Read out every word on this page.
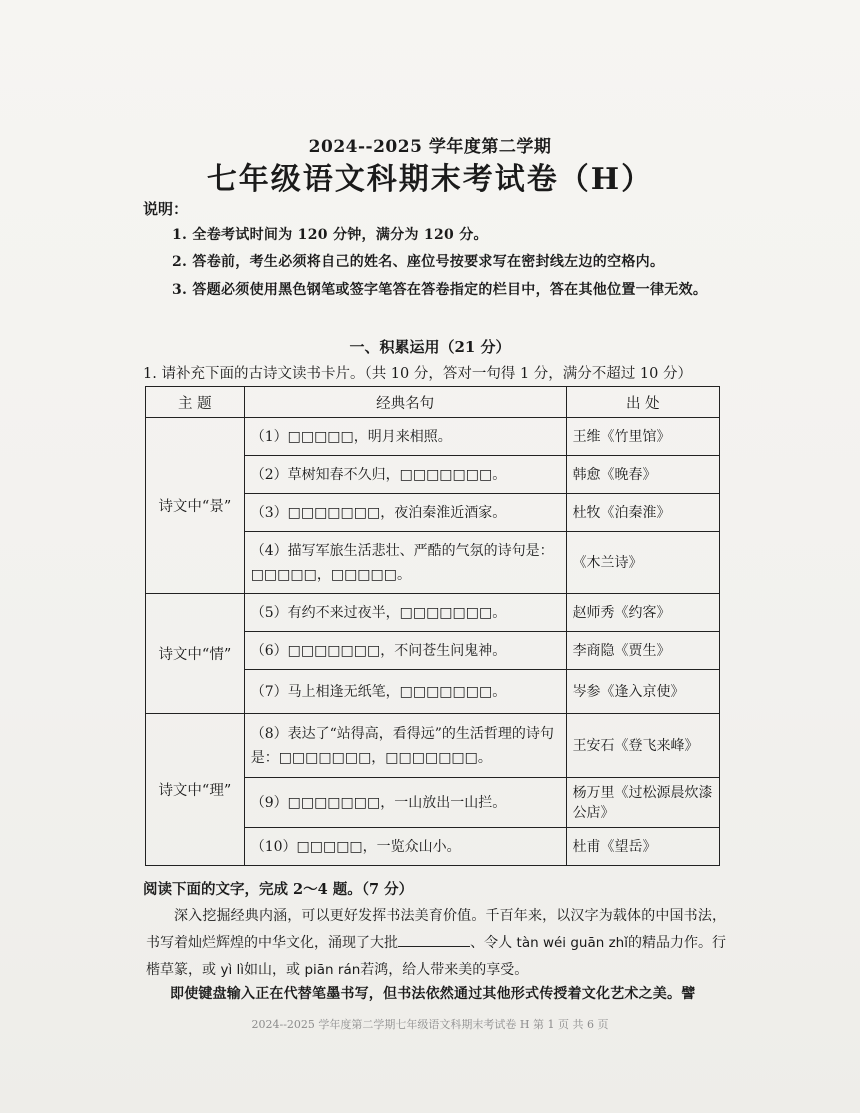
2024--2025 学年度第二学期
七年级语文科期末考试卷（H）
说明：
1. 全卷考试时间为 120 分钟，满分为 120 分。
2. 答卷前，考生必须将自己的姓名、座位号按要求写在密封线左边的空格内。
3. 答题必须使用黑色钢笔或签字笔答在答卷指定的栏目中，答在其他位置一律无效。
一、积累运用（21 分）
1. 请补充下面的古诗文读书卡片。（共 10 分，答对一句得 1 分，满分不超过 10 分）
主 题	经典名句	出 处
诗文中“景”	（1）□□□□□，明月来相照。	王维《竹里馆》
	（2）草树知春不久归，□□□□□□□。	韩愈《晚春》
	（3）□□□□□□□，夜泊秦淮近酒家。	杜牧《泊秦淮》
	（4）描写军旅生活悲壮、严酷的气氛的诗句是：□□□□□，□□□□□。	《木兰诗》
诗文中“情”	（5）有约不来过夜半，□□□□□□□。	赵师秀《约客》
	（6）□□□□□□□，不问苍生问鬼神。	李商隐《贾生》
	（7）马上相逢无纸笔，□□□□□□□。	岑参《逢入京使》
诗文中“理”	（8）表达了“站得高，看得远”的生活哲理的诗句是：□□□□□□□，□□□□□□□。	王安石《登飞来峰》
	（9）□□□□□□□，一山放出一山拦。	杨万里《过松源晨炊漆公店》
	（10）□□□□□，一览众山小。	杜甫《望岳》
阅读下面的文字，完成 2～4 题。（7 分）
深入挖掘经典内涵，可以更好发挥书法美育价值。千百年来，以汉字为载体的中国书法，书写着灿烂辉煌的中华文化，涌现了大批	、令人 tàn wéi guān zhǐ的精品力作。行楷草篆，或 yì lì如山，或 piān rán若鸿，给人带来美的享受。
即使键盘输入正在代替笔墨书写，但书法依然通过其他形式传授着文化艺术之美。譬
2024--2025 学年度第二学期七年级语文科期末考试卷 H 第 1 页 共 6 页
